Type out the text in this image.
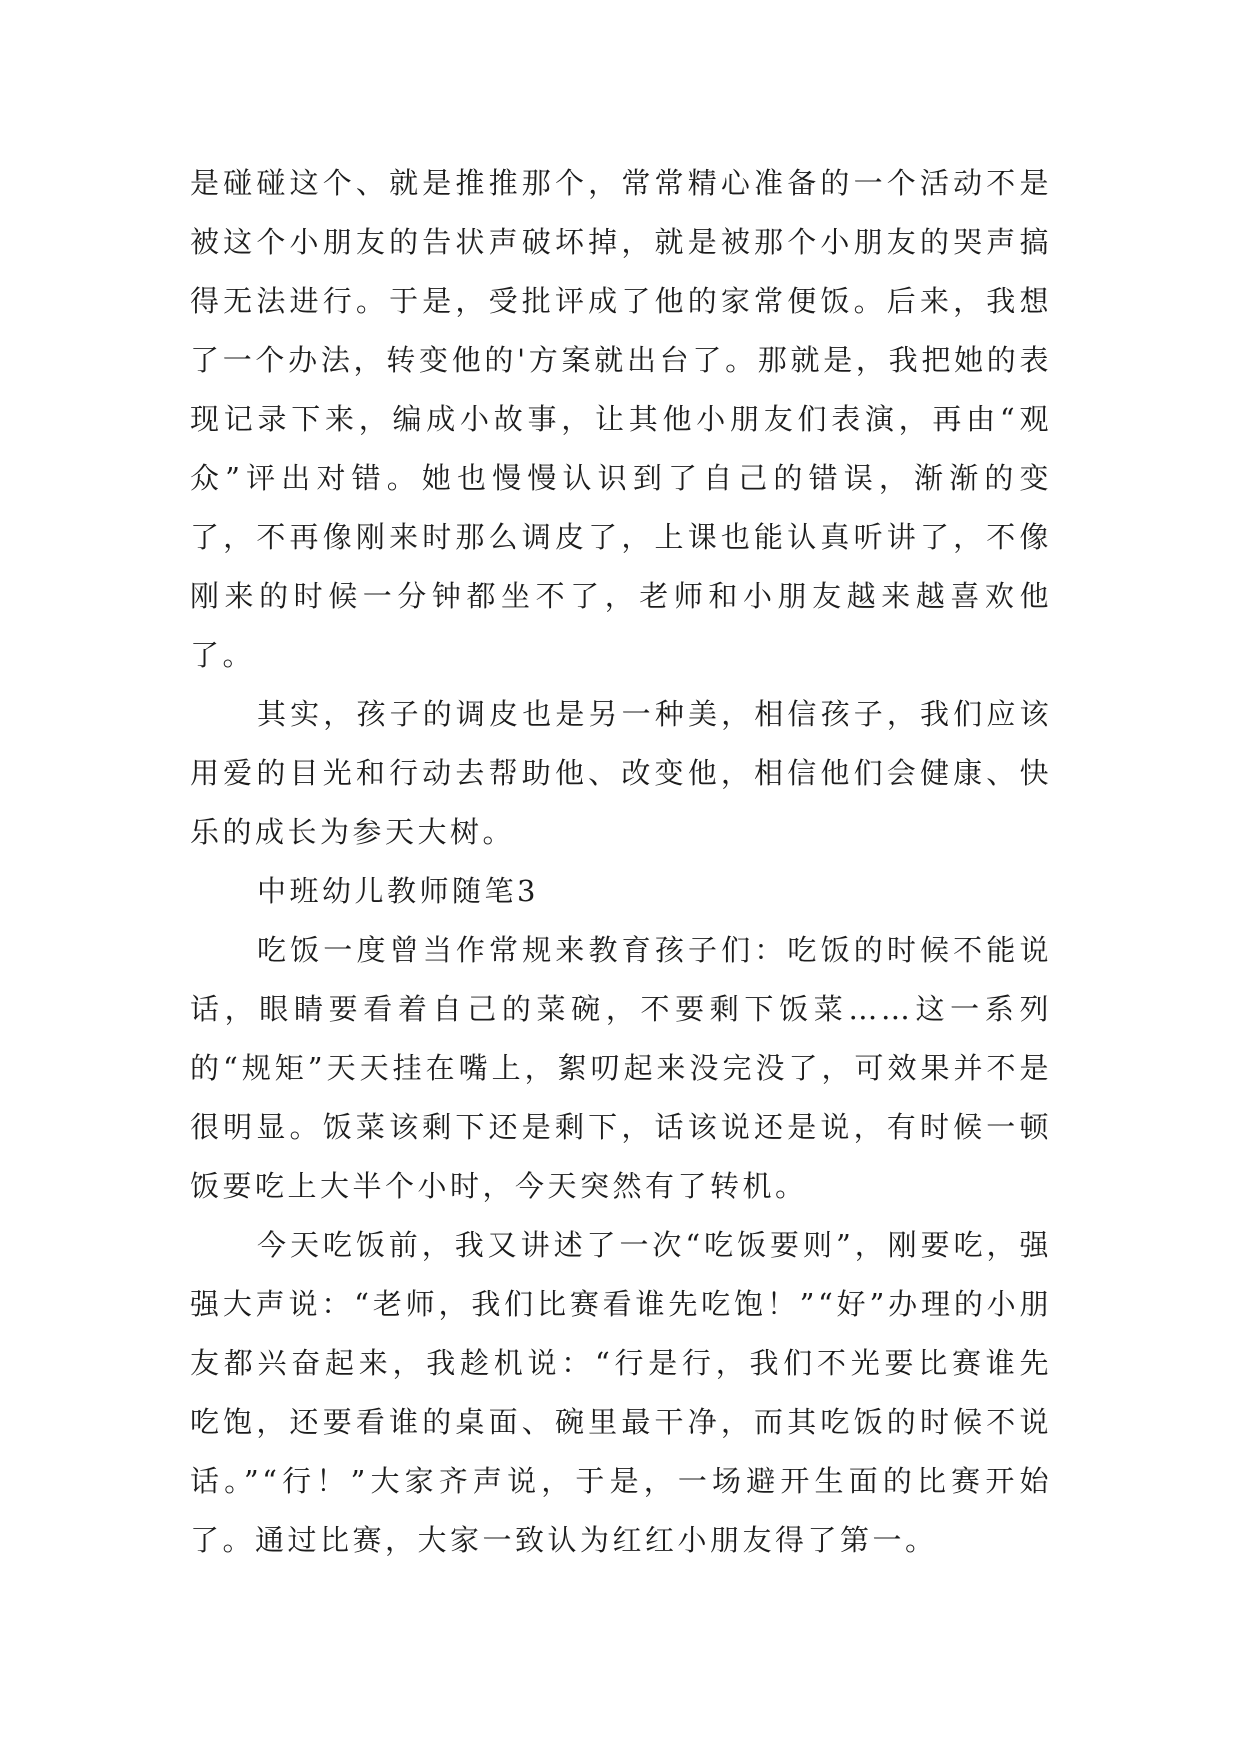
是碰碰这个、就是推推那个，常常精心准备的一个活动不是被这个小朋友的告状声破坏掉，就是被那个小朋友的哭声搞得无法进行。于是，受批评成了他的家常便饭。后来，我想了一个办法，转变他的'方案就出台了。那就是，我把她的表现记录下来，编成小故事，让其他小朋友们表演，再由“观众”评出对错。她也慢慢认识到了自己的错误，渐渐的变了，不再像刚来时那么调皮了，上课也能认真听讲了，不像刚来的时候一分钟都坐不了，老师和小朋友越来越喜欢他了。

其实，孩子的调皮也是另一种美，相信孩子，我们应该用爱的目光和行动去帮助他、改变他，相信他们会健康、快乐的成长为参天大树。

中班幼儿教师随笔3

吃饭一度曾当作常规来教育孩子们：吃饭的时候不能说话，眼睛要看着自己的菜碗，不要剩下饭菜……这一系列的“规矩”天天挂在嘴上，絮叨起来没完没了，可效果并不是很明显。饭菜该剩下还是剩下，话该说还是说，有时候一顿饭要吃上大半个小时，今天突然有了转机。

今天吃饭前，我又讲述了一次“吃饭要则”，刚要吃，强强大声说：“老师，我们比赛看谁先吃饱！”“好”办理的小朋友都兴奋起来，我趁机说：“行是行，我们不光要比赛谁先吃饱，还要看谁的桌面、碗里最干净，而其吃饭的时候不说话。”“行！”大家齐声说，于是，一场避开生面的比赛开始了。通过比赛，大家一致认为红红小朋友得了第一。
